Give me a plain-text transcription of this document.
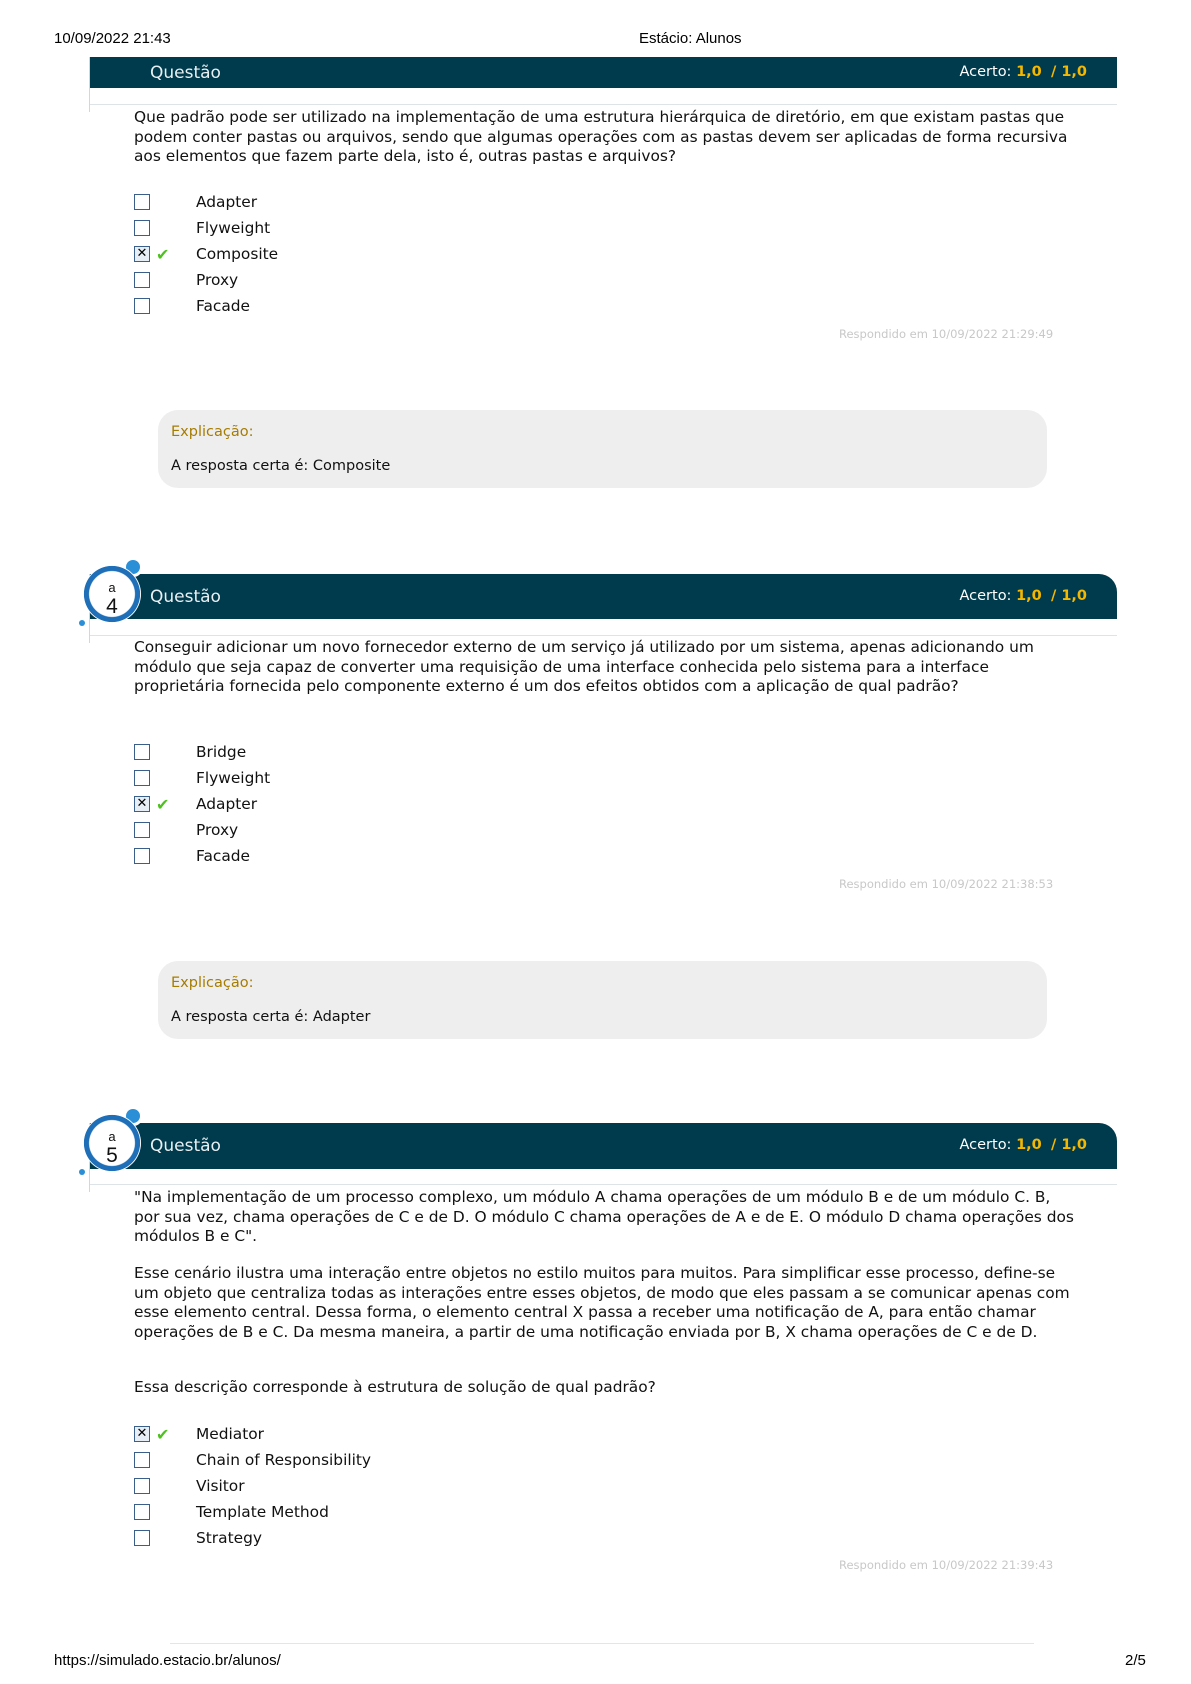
10/09/2022 21:43	Estácio: Alunos
Questão	Acerto: 1,0 / 1,0

Que padrão pode ser utilizado na implementação de uma estrutura hierárquica de diretório, em que existam pastas que podem conter pastas ou arquivos, sendo que algumas operações com as pastas devem ser aplicadas de forma recursiva aos elementos que fazem parte dela, isto é, outras pastas e arquivos?

Adapter
Flyweight
✕ ✔ Composite
Proxy
Facade
Respondido em 10/09/2022 21:29:49
Explicação:
A resposta certa é: Composite
Questão	Acerto: 1,0 / 1,0
4
$^a$

Conseguir adicionar um novo fornecedor externo de um serviço já utilizado por um sistema, apenas adicionando um módulo que seja capaz de converter uma requisição de uma interface conhecida pelo sistema para a interface proprietária fornecida pelo componente externo é um dos efeitos obtidos com a aplicação de qual padrão?

Bridge
Flyweight
✕ ✔ Adapter
Proxy
Facade
Respondido em 10/09/2022 21:38:53
Explicação:
A resposta certa é: Adapter
Questão	Acerto: 1,0 / 1,0
5
$^a$

"Na implementação de um processo complexo, um módulo A chama operações de um módulo B e de um módulo C. B, por sua vez, chama operações de C e de D. O módulo C chama operações de A e de E. O módulo D chama operações dos módulos B e C".

Esse cenário ilustra uma interação entre objetos no estilo muitos para muitos. Para simplificar esse processo, define-se um objeto que centraliza todas as interações entre esses objetos, de modo que eles passam a se comunicar apenas com esse elemento central. Dessa forma, o elemento central X passa a receber uma notificação de A, para então chamar operações de B e C. Da mesma maneira, a partir de uma notificação enviada por B, X chama operações de C e de D.

Essa descrição corresponde à estrutura de solução de qual padrão?

✕ ✔ Mediator
Chain of Responsibility
Visitor
Template Method
Strategy
Respondido em 10/09/2022 21:39:43
https://simulado.estacio.br/alunos/	2/5
